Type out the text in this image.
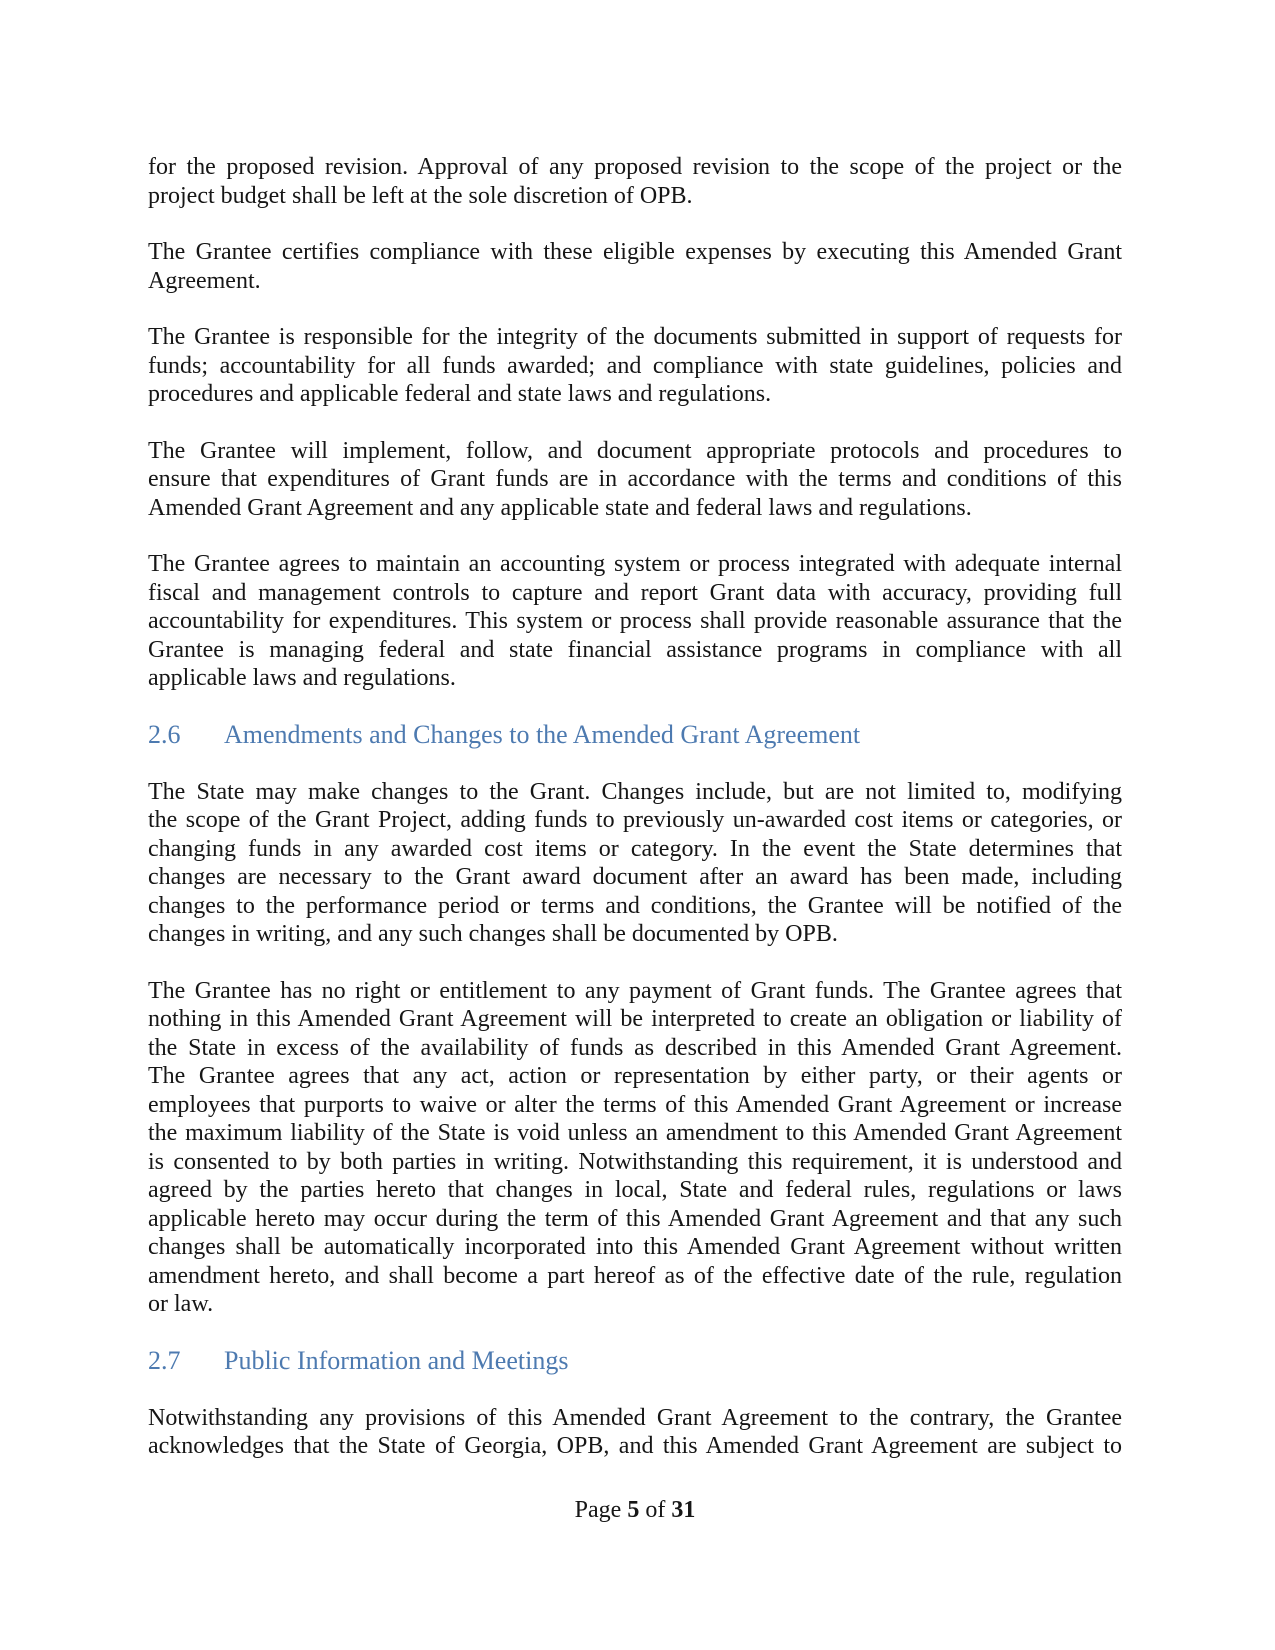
for the proposed revision. Approval of any proposed revision to the scope of the project or the
project budget shall be left at the sole discretion of OPB.
The Grantee certifies compliance with these eligible expenses by executing this Amended Grant
Agreement.
The Grantee is responsible for the integrity of the documents submitted in support of requests for
funds; accountability for all funds awarded; and compliance with state guidelines, policies and
procedures and applicable federal and state laws and regulations.
The Grantee will implement, follow, and document appropriate protocols and procedures to
ensure that expenditures of Grant funds are in accordance with the terms and conditions of this
Amended Grant Agreement and any applicable state and federal laws and regulations.
The Grantee agrees to maintain an accounting system or process integrated with adequate internal
fiscal and management controls to capture and report Grant data with accuracy, providing full
accountability for expenditures. This system or process shall provide reasonable assurance that the
Grantee is managing federal and state financial assistance programs in compliance with all
applicable laws and regulations.
2.6 Amendments and Changes to the Amended Grant Agreement
The State may make changes to the Grant. Changes include, but are not limited to, modifying
the scope of the Grant Project, adding funds to previously un-awarded cost items or categories, or
changing funds in any awarded cost items or category. In the event the State determines that
changes are necessary to the Grant award document after an award has been made, including
changes to the performance period or terms and conditions, the Grantee will be notified of the
changes in writing, and any such changes shall be documented by OPB.
The Grantee has no right or entitlement to any payment of Grant funds. The Grantee agrees that
nothing in this Amended Grant Agreement will be interpreted to create an obligation or liability of
the State in excess of the availability of funds as described in this Amended Grant Agreement.
The Grantee agrees that any act, action or representation by either party, or their agents or
employees that purports to waive or alter the terms of this Amended Grant Agreement or increase
the maximum liability of the State is void unless an amendment to this Amended Grant Agreement
is consented to by both parties in writing. Notwithstanding this requirement, it is understood and
agreed by the parties hereto that changes in local, State and federal rules, regulations or laws
applicable hereto may occur during the term of this Amended Grant Agreement and that any such
changes shall be automatically incorporated into this Amended Grant Agreement without written
amendment hereto, and shall become a part hereof as of the effective date of the rule, regulation
or law.
2.7 Public Information and Meetings
Notwithstanding any provisions of this Amended Grant Agreement to the contrary, the Grantee
acknowledges that the State of Georgia, OPB, and this Amended Grant Agreement are subject to
Page 5 of 31
